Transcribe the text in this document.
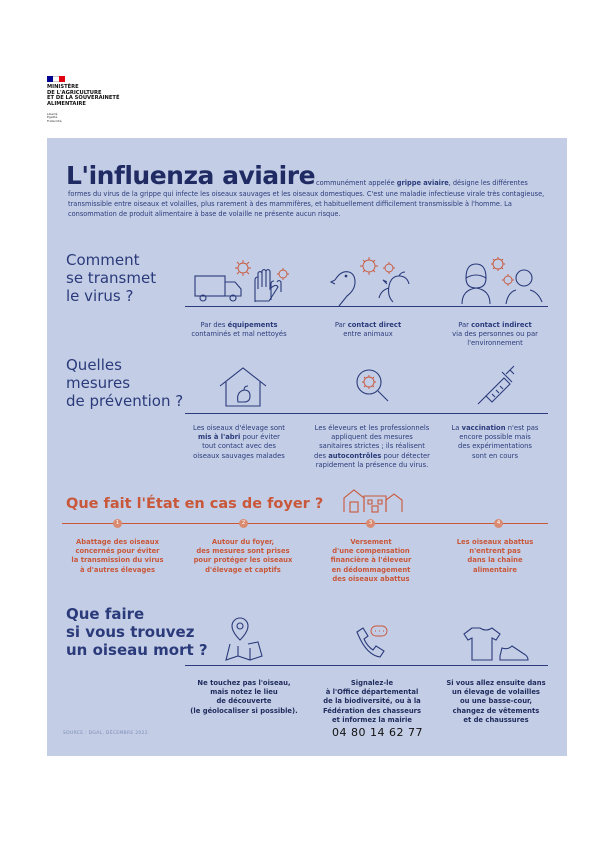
MINISTÈRE
DE L'AGRICULTURE
ET DE LA SOUVERAINETÉ
ALIMENTAIRE
Liberté
Égalité
Fraternité
L'influenza aviaire communément appelée grippe aviaire, désigne les différentes
formes du virus de la grippe qui infecte les oiseaux sauvages et les oiseaux domestiques. C'est une maladie infectieuse virale très contagieuse, transmissible entre oiseaux et volailles, plus rarement à des mammifères, et habituellement difficilement transmissible à l'homme. La consommation de produit alimentaire à base de volaille ne présente aucun risque.
Comment
se transmet
le virus ?
Par des équipements
contaminés et mal nettoyés
Par contact direct
entre animaux
Par contact indirect
via des personnes ou par l'environnement
Quelles
mesures
de prévention ?
Les oiseaux d'élevage sont
mis à l'abri pour éviter
tout contact avec des
oiseaux sauvages malades
Les éleveurs et les professionnels
appliquent des mesures
sanitaires strictes ; ils réalisent
des autocontrôles pour détecter
rapidement la présence du virus.
La vaccination n'est pas
encore possible mais
des expérimentations
sont en cours
Que fait l'État en cas de foyer ?
1	2	3	4
Abattage des oiseaux
concernés pour éviter
la transmission du virus
à d'autres élevages
Autour du foyer,
des mesures sont prises
pour protéger les oiseaux
d'élevage et captifs
Versement
d'une compensation
financière à l'éleveur
en dédommagement
des oiseaux abattus
Les oiseaux abattus
n'entrent pas
dans la chaîne
alimentaire
Que faire
si vous trouvez
un oiseau mort ?
Ne touchez pas l'oiseau,
mais notez le lieu
de découverte
(le géolocaliser si possible).
Signalez-le
à l'Office départemental
de la biodiversité, ou à la
Fédération des chasseurs
et informez la mairie
04 80 14 62 77
Si vous allez ensuite dans
un élevage de volailles
ou une basse-cour,
changez de vêtements
et de chaussures
SOURCE : DGAL, DÉCEMBRE 2022.
